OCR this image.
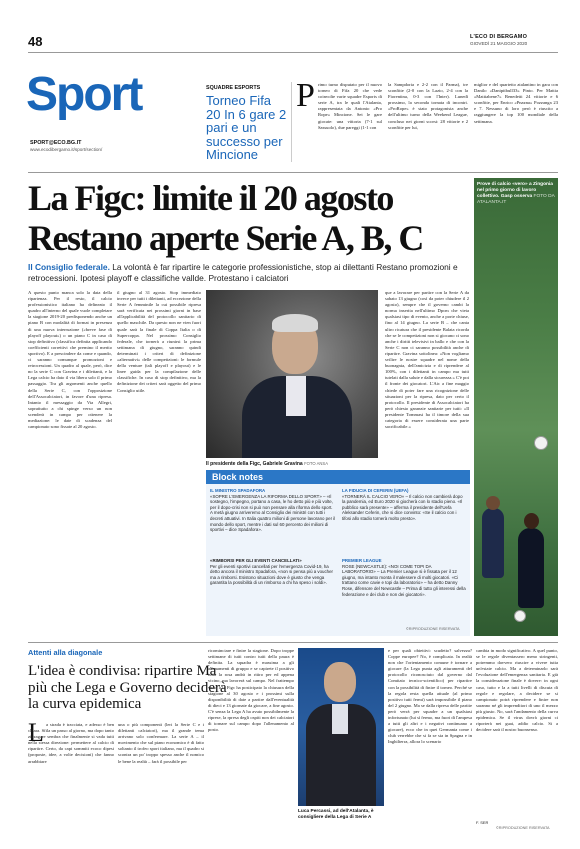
48	L'ECO DI BERGAMO
GIOVEDÌ 21 MAGGIO 2020
Sport
SPORT@ECO.BG.IT
www.ecodibergamo.it/sport/section/
SQUADRE ESPORTS
Torneo Fifa 20 In 6 gare 2 pari e un successo per Mincione
P rimo turno disputato per il nuovo torneo di Fifa 20 che vede coinvolte varie squadre Esports di serie A, tra le quali l'Atalanta, rappresentata da Antonio «Pro Rope» Mincione. Sei le gare giocate: una vittoria (7-1 sul Sassuolo), due pareggi (1-1 con
la Sampdoria e 2-2 con il Parma), tre sconfitte (2-0 con la Lazio, 2-4 con la Fiorentina, 0-3 con l'Inter). Lunedì prossimo, la seconda tornata di incontri. «ProRope» è stato protagonista anche dell'ultimo turno della Weekend League, concluso nei giorni scorsi: 28 vittorie e 2 sconfitte per lui,
miglior e del quartetto atalantino in gara con Danilo «Danipitbull33» Pinto. Per Mattia «Mattiabene7» Benedetti 24 vittorie e 6 sconfitte, per Enrico «Pnazna» Pozzanga 23 e 7. Nessuno di loro però è riuscito a raggiungere la top 100 mondiale della settimana.
La Figc: limite il 20 agosto
Restano aperte Serie A, B, C
Prove di calcio «vero» a Zingonia nel primo giorno di lavoro collettivo. Gasp osserva FOTO DA ATALANTA.IT
Il Consiglio federale. La volontà è far ripartire le categorie professionistiche, stop ai dilettanti Restano promozioni e retrocessioni. Ipotesi playoff e classifiche vallde. Protestano i calciatori
A questo punto manca solo la data della ripartenza. Per il resto, il calcio professionistico italiano ha delineato il quadro all'interno del quale vuole completare la stagione 2019-20 predisponendo anche un piano B con modalità di format in presenza di una nuova interruzione («breve fase di playoff playout») o un piano C in caso di stop definitivo (classifica definita applicando coefficienti correttivi che premino il merito sportivo). E a prescindere da come e quando, ci saranno comunque promozioni e retrocessioni. Un quadro al quale, però, dice no la serie C con Gravina e i dilettanti, e la Lega calcio ha dato il via libera solo il primo passaggio. Tra gli argomenti anche quello della Serie C, con l'opposizione dell'Assocalciatori, in favore d'una ripresa. Intanto il messaggio da Via Allegri, soprattutto a chi spinge verso un non scenderà in campo per ottenere la mediazione: le date di scadenza del campionato sono fissate al 20 agosto.
il giugno al 31 agosto. Stop immediato invece per tutti i dilettanti, ad eccezione della Serie A femminile la cui possibile ripresa sarà verificata nei prossimi giorni in base all'applicabilità del protocollo sanitario di quello maschile. Da questo non ne vien fuori quale sarà la finale di Coppa Italia o di Supercoppa. Nel prossimo Consiglio federale, che tornerà a riunirsi la prima settimana di giugno, saranno quindi determinati i criteri di definizione «alternativi» delle competizioni: le formule della venture (tali playoff e playout) e le linee guida per la compilazione delle classifiche. In caso di stop definitivo, ma la definizione dei criteri sarà oggetto del primo Consiglio utile.
Il presidente della Figc, Gabriele Gravina FOTO ANSA
que a lavorare per partire con la Serie A da sabato 13 giugno (così da poter chiudere il 2 agosto), sempre che il governo cambi la norma inserita nell'ultimo Dpcm che vieta qualsiasi tipo di evento, anche a porte chiuse, fino al 14 giugno. La serie B – che canta ultro ricatura che il presidente Balata ricorda che se le competizioni non si giocano ci sono anche i diritti televisivi in ballo e che con la Serie C non ci saranno possibilità anche di ripartire. Gravina sottolinea: «Non vogliamo svilire le nostre squadre nel nome della buonagnia, dell'amicizia e di riprendere al 100%, con i dilettanti in campo ma tutti tutelati dalla salute e dalla sicurezza.» C'è poi il fronte dei giocatori. L'Aic a fine maggio chiede di poter fare una ricognizione delle situazioni per la ripresa, dato per certo il protocollo. Il presidente di Assocalciatori ha però chiesto garanzie sanitarie per tutti: «Il presidente Tommasi ha il timore della sua categoria di essere considerata una parte sacrificabile.»
Block notes
IL MINISTRO SPADAFORA
«SOPRE L'EMERGENZA LA RIFORMA DELLO SPORT» – «Il sostegno, l'impegno, portano a casa, le ho detto più e più volte, per il dopo-crisi non si può non pensare alla riforma dello sport. A metà giugno arriveremo al Consiglio dei ministri con tutti i decreti attuativi. In Italia quattro milioni di persone lavorano per il mondo dello sport, mentre i dati sul 60 percento dei milioni di sportivi – dice Spadafora».
«RIMBORSI PER GLI EVENTI CANCELLATI»
Per gli eventi sportivi cancellati per l'emergenza Covid-19, ha detto ancora il ministro Spadafora, «non si pensa più a voucher ma a rimborsi. Esistono situazioni dove è giusto che venga garantita la possibilità di un rimborso a chi ha speso i soldi».
LA FIDUCIA DI CEFERIN (UEFA)
«TORNERÀ IL CALCIO VERO» – Il calcio non cambierà dopo la pandemia, ed Euro 2020 si giocherà con lo stadio pieno. «Il pubblico sarà presente» – afferma il presidente dell'Uefa Aleksander Ceferin, che si dice convinto: «Se il calcio con i tifosi allo stadio tornerà molto presto».
PREMIER LEAGUE
ROSE (NEWCASTLE): «NOI COME TOPI DA LABORATORIO» – La Premier League si è fissata per il 12 giugno, ma intanto monta il malessere di molti giocatori. «Ci trattano come cavie e topi da laboratorio» – ha detto Danny Rose, difensore del Newcastle – Prima di tutto gli interessi della federazione e dei club e non dei giocatori».
©RIPRODUZIONE RISERVATA
Attenti alla diagonale
L'idea è condivisa: ripartire Ma più che Lega e Governo deciderà la curva epidemica
L a strada è tracciata, e adesso è ben chiara. Sfila un passo al giorno, ma dopo tanto zigzagare sembra che finalmente si vada tutti nella stessa direzione: permettere al calcio di ripartire. Certo, da capi sommiti ecoco dipesi (proposte, idee, a volte decisioni) che fanno arrabbiare
una o più componenti (leri la Serie C e i dilettanti calciatori), ma il grande tema arrivano solo confermare. La serie A – il movimento che sul piano economico è di fatto soltanto il trofeo sport italiano, ma il quadro si scontra un po' troppo spesso anche il nomico le bene la realtà – farà il possibile per
ricominciare e finire la stagione. Dopo troppe settimane di tutti contro tutti della paura è definita. La squadra è massima a gli allenamenti di gruppo e se capirete il positivo tutta la rosa andrà in ritiro per ed appena vicino, ma lavorerà sul campo. Nel frattempo verrà a la Figc ha posticipato la chiusura della stagione al 30 agosto e i prossimi sulla disponibilità di date a partire dall'eventualità di dieci e 13 giornate da giocare, a fine agosto. C'è senza la Lega A ha avuto possibilmente la riprese, la rpresa degli ospiti non dei calciatori di tornare sul campo dopo l'allenamento al posto.
Luca Percassi, ad dell'Atalanta, è consigliere della Lega di Serie A
e per quali obiettivi: scudetto? salvezza? Coppe europee? No, è complicato. In realtà non che l'orientamento comune è tornare a giocare (la Lega punta agli atturamenti del protocollo riconosciuto dal governo dal Comitato tecnico-scientifico) per ripartire con la possibilità di finire il torneo. Perché se la regola resta quella attuale (al primo positivo tutti fermi) sarà impossibile il piano del 2 giugno. Ma se dalla ripresa delle partite però verrà per squadre a un qualsiasi infortunato (lui sì fermo, ma fuori di l'ampesa a tutti gli altri e i negativi continuano a giocare), ecco che in quei Germania come i club verrebbe che si fa se sia in Spagna e in Inghilterra, allora lo scenario
cambia in modo significativo. A quel punto, se le regole diventassero meno stringenti, potremmo davvero riuscire a vivere tutta un'estate calcio. Ma a determinarlo sarà l'evoluzione dell'emergenza sanitaria. E già la considerazione finale è dovere: in ogni caso, tutto e la a tutti livelli di discuta di regole e regolare, a decidere se si campionato potrà riprendere e finire non saranno né gli imprenditori di uno il mezzo più giusto. No, sarà l'andamento della curva epidemica. Se il virus dovrà giorni ci riporterà nei guai, addio calcio. Si a decidere sarà il nostro buonsenso.
F. SER
©RIPRODUZIONE RISERVATA
